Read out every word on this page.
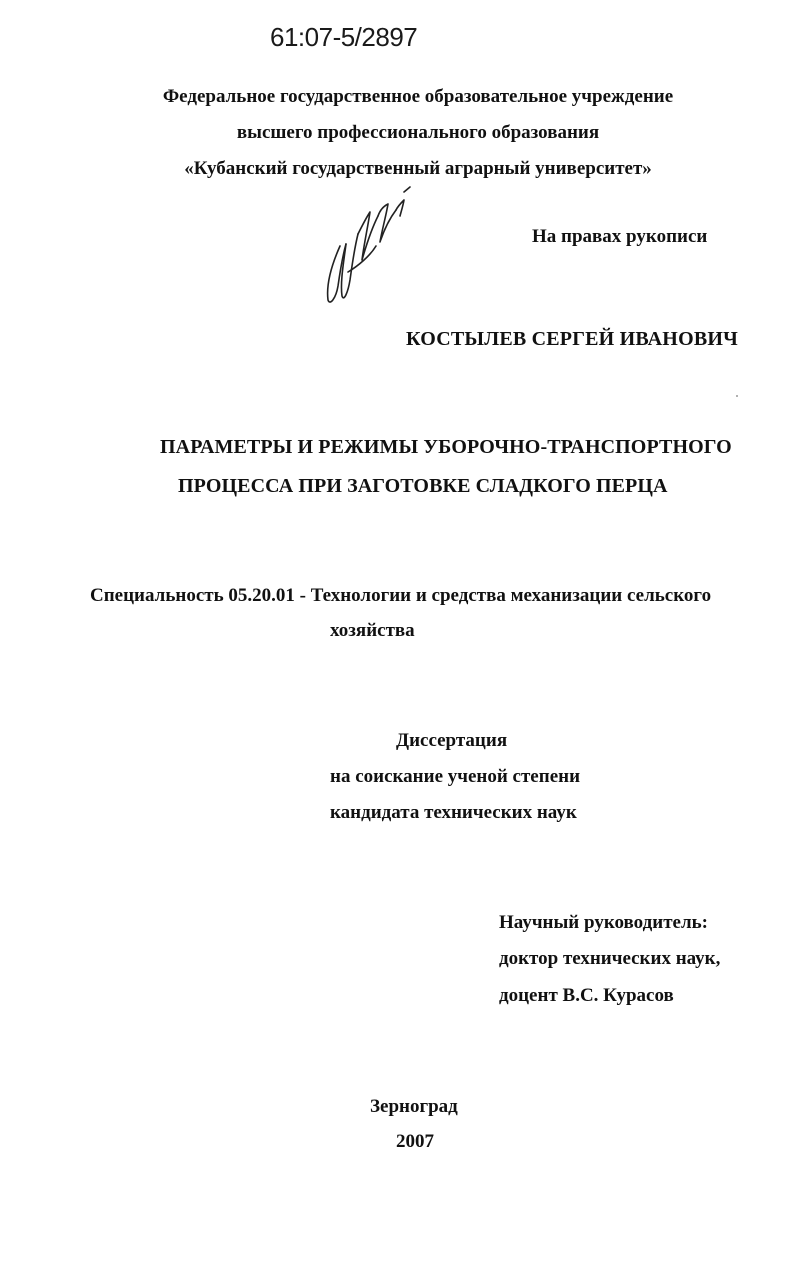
61:07-5/2897
Федеральное государственное образовательное учреждение
высшего профессионального образования
«Кубанский государственный аграрный университет»
На правах рукописи
КОСТЫЛЕВ СЕРГЕЙ ИВАНОВИЧ
ПАРАМЕТРЫ И РЕЖИМЫ УБОРОЧНО-ТРАНСПОРТНОГО
ПРОЦЕССА ПРИ ЗАГОТОВКЕ СЛАДКОГО ПЕРЦА
Специальность 05.20.01 - Технологии и средства механизации сельского
хозяйства
Диссертация
на соискание ученой степени
кандидата технических наук
Научный руководитель:
доктор технических наук,
доцент В.С. Курасов
Зерноград
2007
